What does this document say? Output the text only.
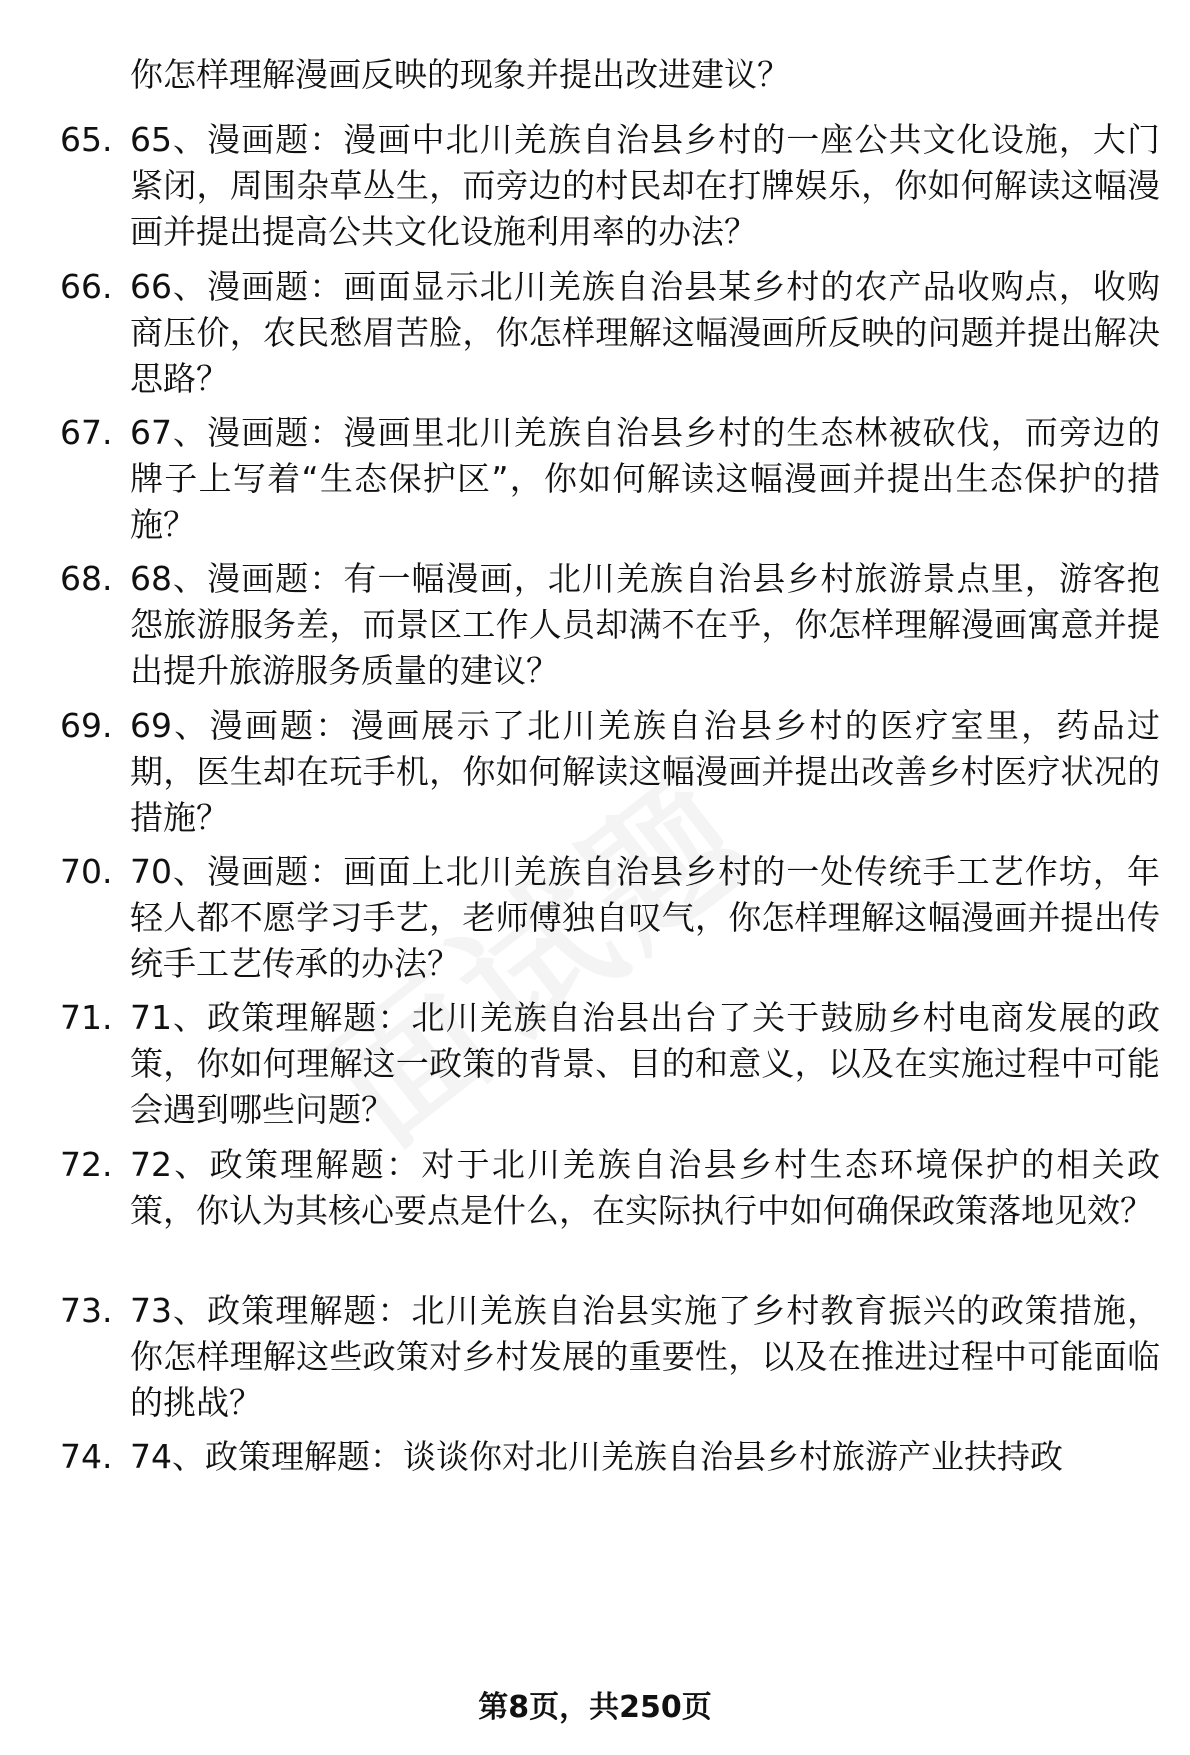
你怎样理解漫画反映的现象并提出改进建议？
65. 65、漫画题：漫画中北川羌族自治县乡村的一座公共文化设施，大门紧闭，周围杂草丛生，而旁边的村民却在打牌娱乐，你如何解读这幅漫画并提出提高公共文化设施利用率的办法？
66. 66、漫画题：画面显示北川羌族自治县某乡村的农产品收购点，收购商压价，农民愁眉苦脸，你怎样理解这幅漫画所反映的问题并提出解决思路？
67. 67、漫画题：漫画里北川羌族自治县乡村的生态林被砍伐，而旁边的牌子上写着“生态保护区”，你如何解读这幅漫画并提出生态保护的措施？
68. 68、漫画题：有一幅漫画，北川羌族自治县乡村旅游景点里，游客抱怨旅游服务差，而景区工作人员却满不在乎，你怎样理解漫画寓意并提出提升旅游服务质量的建议？
69. 69、漫画题：漫画展示了北川羌族自治县乡村的医疗室里，药品过期，医生却在玩手机，你如何解读这幅漫画并提出改善乡村医疗状况的措施？
70. 70、漫画题：画面上北川羌族自治县乡村的一处传统手工艺作坊，年轻人都不愿学习手艺，老师傅独自叹气，你怎样理解这幅漫画并提出传统手工艺传承的办法？
71. 71、政策理解题：北川羌族自治县出台了关于鼓励乡村电商发展的政策，你如何理解这一政策的背景、目的和意义，以及在实施过程中可能会遇到哪些问题？
72. 72、政策理解题：对于北川羌族自治县乡村生态环境保护的相关政策，你认为其核心要点是什么，在实际执行中如何确保政策落地见效？
73. 73、政策理解题：北川羌族自治县实施了乡村教育振兴的政策措施，你怎样理解这些政策对乡村发展的重要性，以及在推进过程中可能面临的挑战？
74. 74、政策理解题：谈谈你对北川羌族自治县乡村旅游产业扶持政
第8页，共250页
